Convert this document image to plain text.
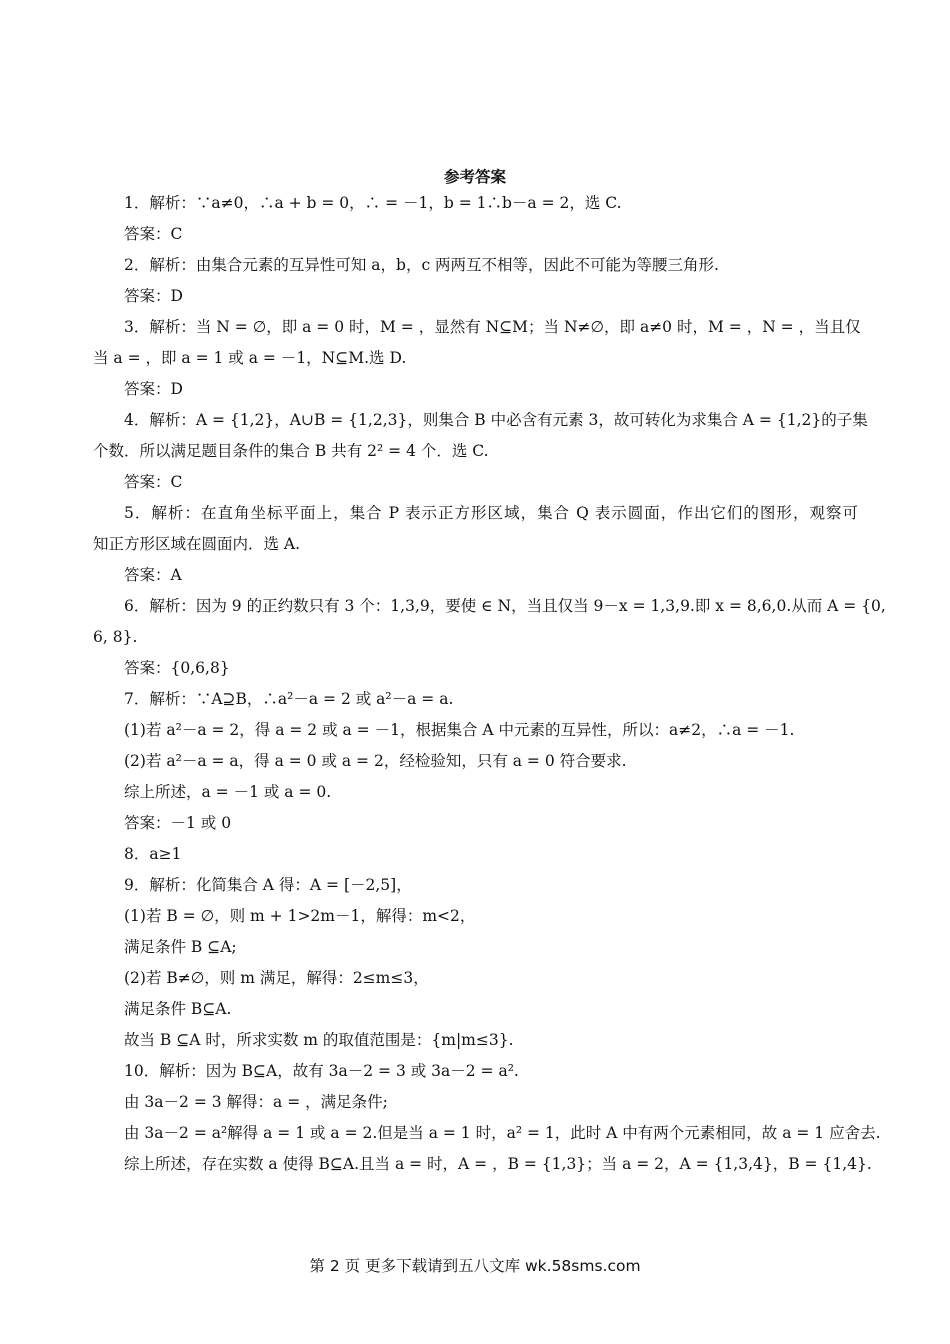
参考答案
1．解析：∵a≠0，∴a + b = 0，∴ = －1，b = 1∴b－a = 2，选 C.
答案：C
2．解析：由集合元素的互异性可知 a，b，c 两两互不相等，因此不可能为等腰三角形.
答案：D
3．解析：当 N = ∅，即 a = 0 时，M = ，显然有 N⊆M；当 N≠∅，即 a≠0 时，M = ，N = ，当且仅
当 a = ，即 a = 1 或 a = －1，N⊆M.选 D.
答案：D
4．解析：A = {1,2}，A∪B = {1,2,3}，则集合 B 中必含有元素 3，故可转化为求集合 A = {1,2}的子集
个数．所以满足题目条件的集合 B 共有 2² = 4 个．选 C.
答案：C
5．解析：在直角坐标平面上，集合 P 表示正方形区域，集合 Q 表示圆面，作出它们的图形，观察可
知正方形区域在圆面内．选 A.
答案：A
6．解析：因为 9 的正约数只有 3 个：1,3,9，要使 ∈ N，当且仅当 9－x = 1,3,9.即 x = 8,6,0.从而 A = {0,
6, 8}.
答案：{0,6,8}
7．解析：∵A⊇B，∴a²－a = 2 或 a²－a = a.
(1)若 a²－a = 2，得 a = 2 或 a = －1，根据集合 A 中元素的互异性，所以：a≠2，∴a = －1.
(2)若 a²－a = a，得 a = 0 或 a = 2，经检验知，只有 a = 0 符合要求.
综上所述，a = －1 或 a = 0.
答案：－1 或 0
8．a≥1
9．解析：化简集合 A 得：A = [－2,5]，
(1)若 B = ∅，则 m + 1>2m－1，解得：m<2，
满足条件 B ⊆A;
(2)若 B≠∅，则 m 满足，解得：2≤m≤3，
满足条件 B⊆A.
故当 B ⊆A 时，所求实数 m 的取值范围是：{m|m≤3}.
10．解析：因为 B⊆A，故有 3a－2 = 3 或 3a－2 = a².
由 3a－2 = 3 解得：a = ，满足条件;
由 3a－2 = a²解得 a = 1 或 a = 2.但是当 a = 1 时，a² = 1，此时 A 中有两个元素相同，故 a = 1 应舍去.
综上所述，存在实数 a 使得 B⊆A.且当 a = 时，A = ，B = {1,3}；当 a = 2，A = {1,3,4}，B = {1,4}.
第 2 页 更多下载请到五八文库 wk.58sms.com
